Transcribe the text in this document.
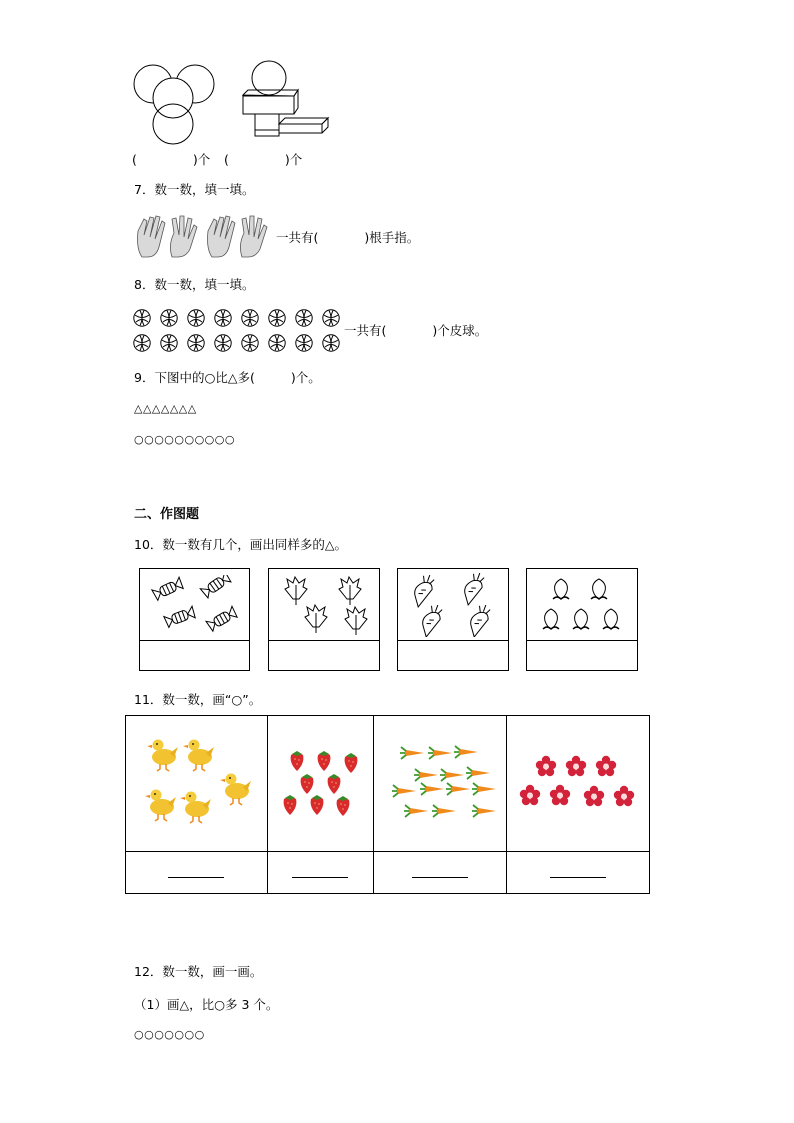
(	)个 (	)个
7．数一数，填一填。
一共有(	)根手指。
8．数一数，填一填。
一共有(	)个皮球。
9．下图中的○比△多(	)个。
△△△△△△△
○○○○○○○○○○
二、作图题
10．数一数有几个，画出同样多的△。
11．数一数，画“○”。

12．数一数，画一画。
（1）画△，比○多 3 个。
○○○○○○○
